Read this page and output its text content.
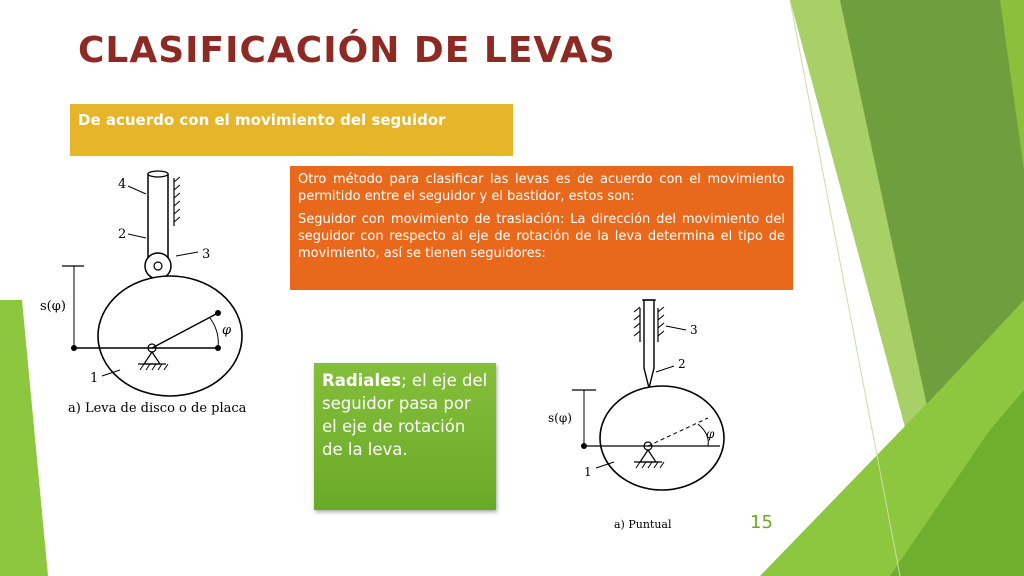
CLASIFICACIÓN DE LEVAS
De acuerdo con el movimiento del seguidor
4
2
3
1
s(φ)
φ
a) Leva de disco o de placa

Otro método para clasificar las levas es de acuerdo con el movimiento permitido entre el seguidor y el bastidor, estos son:

Seguidor con movimiento de traslación: La dirección del movimiento del seguidor con respecto al eje de rotación de la leva determina el tipo de movimiento, así se tienen seguidores:

Radiales; el eje del seguidor pasa por el eje de rotación de la leva.
3
2
1
s(φ)
φ
a) Puntual	15
